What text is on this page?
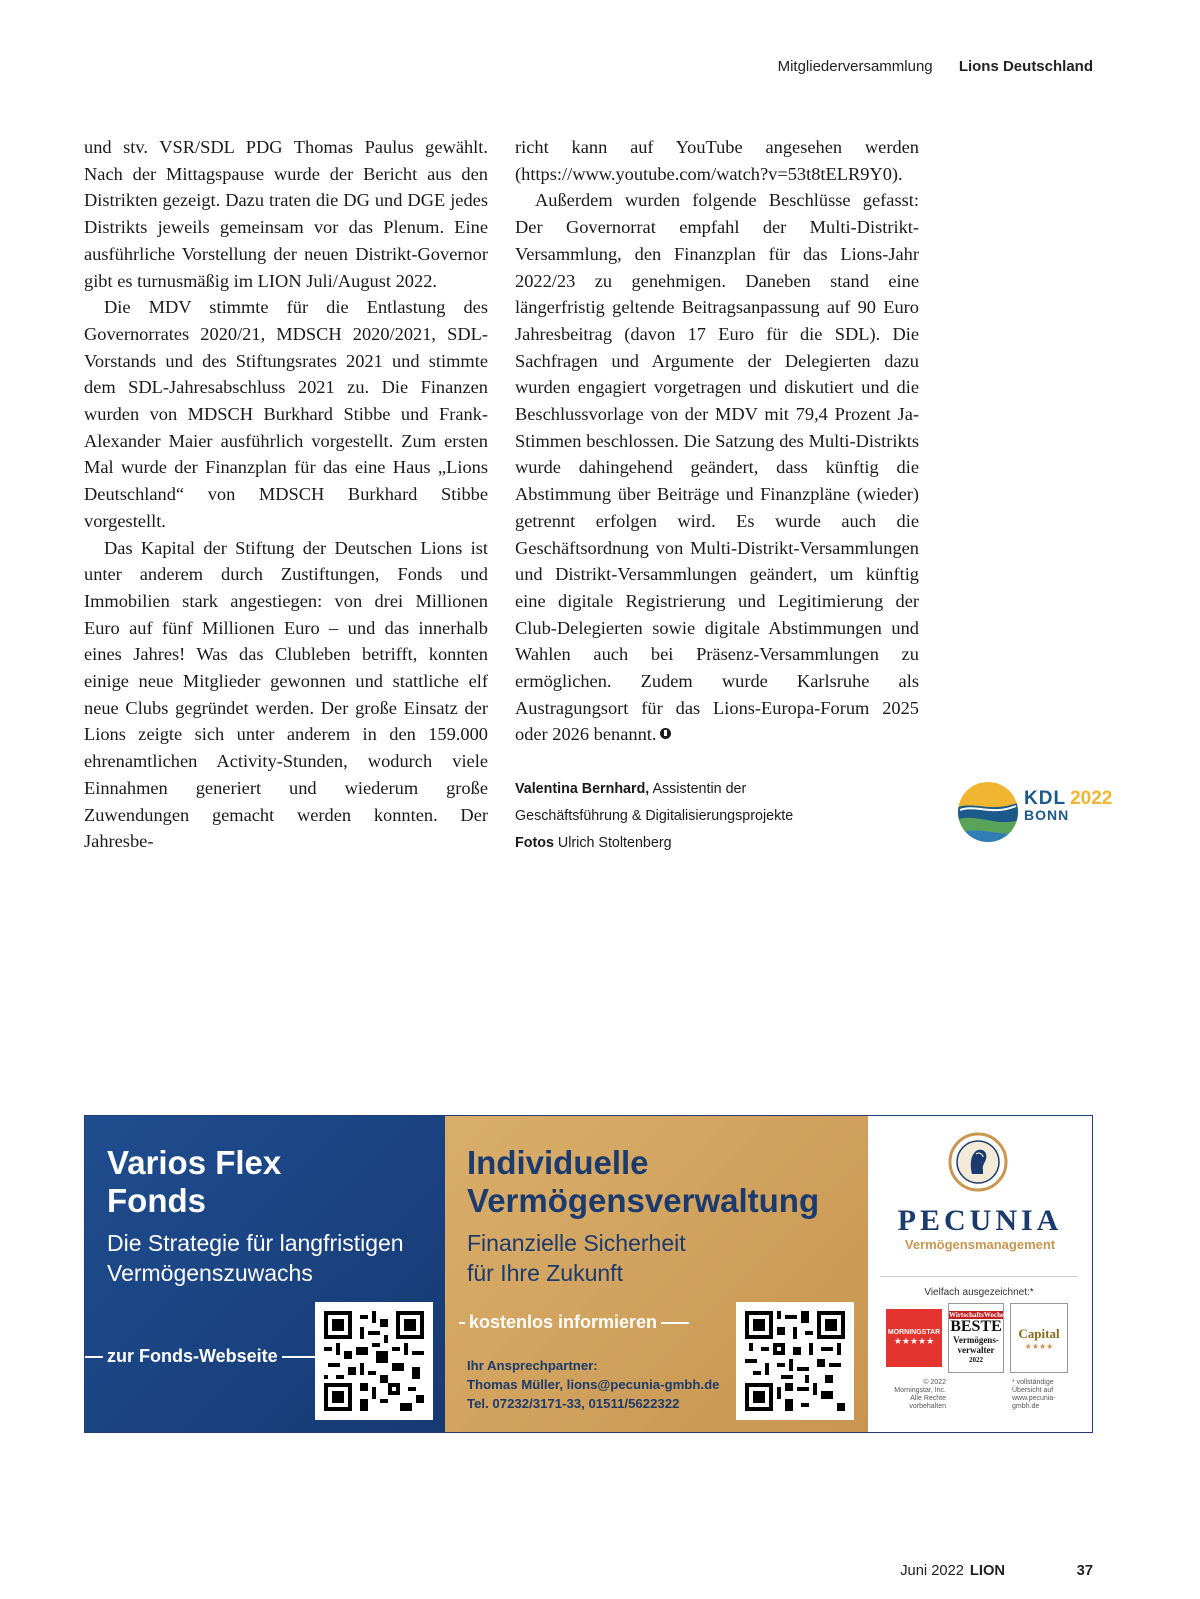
Mitgliederversammlung Lions Deutschland

und stv. VSR/SDL PDG Thomas Paulus gewählt. Nach der Mittagspause wurde der Bericht aus den Distrikten gezeigt. Dazu traten die DG und DGE jedes Distrikts jeweils gemeinsam vor das Plenum. Eine ausführliche Vorstellung der neuen Distrikt-Governor gibt es turnusmäßig im LION Juli/August 2022.

Die MDV stimmte für die Entlastung des Governorrates 2020/21, MDSCH 2020/2021, SDL-Vorstands und des Stiftungsrates 2021 und stimmte dem SDL-Jahresabschluss 2021 zu. Die Finanzen wurden von MDSCH Burkhard Stibbe und Frank-Alexander Maier ausführlich vorgestellt. Zum ersten Mal wurde der Finanzplan für das eine Haus „Lions Deutschland“ von MDSCH Burkhard Stibbe vorgestellt.

Das Kapital der Stiftung der Deutschen Lions ist unter anderem durch Zustiftungen, Fonds und Immobilien stark angestiegen: von drei Millionen Euro auf fünf Millionen Euro – und das innerhalb eines Jahres! Was das Clubleben betrifft, konnten einige neue Mitglieder gewonnen und stattliche elf neue Clubs gegründet werden. Der große Einsatz der Lions zeigte sich unter anderem in den 159.000 ehrenamtlichen Activity-Stunden, wodurch viele Einnahmen generiert und wiederum große Zuwendungen gemacht werden konnten. Der Jahresbe-

richt kann auf YouTube angesehen werden (https://www.youtube.com/watch?v=53t8tELR9Y0).

Außerdem wurden folgende Beschlüsse gefasst: Der Governorrat empfahl der Multi-Distrikt-Versammlung, den Finanzplan für das Lions-Jahr 2022/23 zu genehmigen. Daneben stand eine längerfristig geltende Beitragsanpassung auf 90 Euro Jahresbeitrag (davon 17 Euro für die SDL). Die Sachfragen und Argumente der Delegierten dazu wurden engagiert vorgetragen und diskutiert und die Beschlussvorlage von der MDV mit 79,4 Prozent Ja-Stimmen beschlossen. Die Satzung des Multi-Distrikts wurde dahingehend geändert, dass künftig die Abstimmung über Beiträge und Finanzpläne (wieder) getrennt erfolgen wird. Es wurde auch die Geschäftsordnung von Multi-Distrikt-Versammlungen und Distrikt-Versammlungen geändert, um künftig eine digitale Registrierung und Legitimierung der Club-Delegierten sowie digitale Abstimmungen und Wahlen auch bei Präsenz-Versammlungen zu ermöglichen. Zudem wurde Karlsruhe als Austragungsort für das Lions-Europa-Forum 2025 oder 2026 benannt.

Valentina Bernhard, Assistentin der Geschäftsführung & Digitalisierungsprojekte
Fotos Ulrich Stoltenberg
KDL 2022
BONN
Varios Flex
Fonds
Die Strategie für langfristigen
Vermögenszuwachs
zur Fonds-Webseite
Individuelle
Vermögensverwaltung
Finanzielle Sicherheit
für Ihre Zukunft
kostenlos informieren
Ihr Ansprechpartner:
Thomas Müller, lions@pecunia-gmbh.de
Tel. 07232/3171-33, 01511/5622322
PECUNIA
Vermögensmanagement
Vielfach ausgezeichnet:*
MORNINGSTAR
★★★★★
WirtschaftsWoche
BESTE
Vermögens-
verwalter
2022
Capital
★★★★
© 2022 Morningstar, Inc. Alle Rechte vorbehalten
* vollständige Übersicht auf www.pecunia-gmbh.de
Juni 2022 LION	37
